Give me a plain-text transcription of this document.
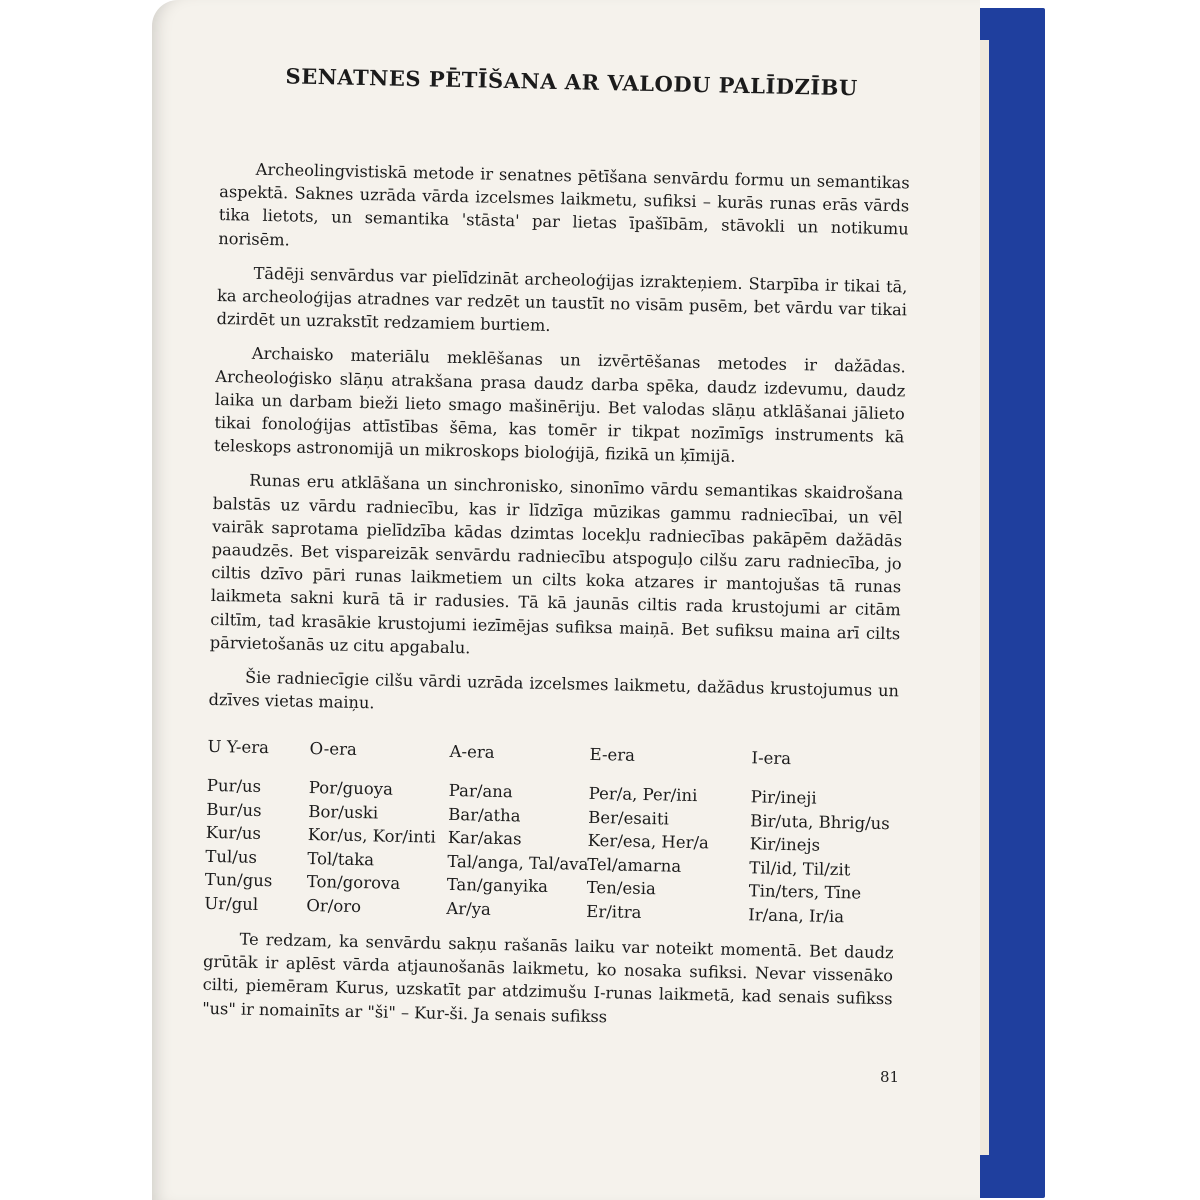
SENATNES PĒTĪŠANA AR VALODU PALĪDZĪBU

Archeolingvistiskā metode ir senatnes pētīšana senvārdu formu un semantikas aspektā. Saknes uzrāda vārda izcelsmes laikmetu, sufiksi – kurās runas erās vārds tika lietots, un semantika 'stāsta' par lietas īpašībām, stāvokli un notikumu norisēm.

Tādēji senvārdus var pielīdzināt archeoloģijas izrakteņiem. Starpība ir tikai tā, ka archeoloģijas atradnes var redzēt un taustīt no visām pusēm, bet vārdu var tikai dzirdēt un uzrakstīt redzamiem burtiem.

Archaisko materiālu meklēšanas un izvērtēšanas metodes ir dažādas. Archeoloģisko slāņu atrakšana prasa daudz darba spēka, daudz izdevumu, daudz laika un darbam bieži lieto smago mašinēriju. Bet valodas slāņu atklāšanai jālieto tikai fonoloģijas attīstības šēma, kas tomēr ir tikpat nozīmīgs instruments kā teleskops astronomijā un mikroskops bioloģijā, fizikā un ķīmijā.

Runas eru atklāšana un sinchronisko, sinonīmo vārdu semantikas skaidrošana balstās uz vārdu radniecību, kas ir līdzīga mūzikas gammu radniecībai, un vēl vairāk saprotama pielīdzība kādas dzimtas locekļu radniecības pakāpēm dažādās paaudzēs. Bet vispareizāk senvārdu radniecību atspoguļo cilšu zaru radniecība, jo ciltis dzīvo pāri runas laikmetiem un cilts koka atzares ir mantojušas tā runas laikmeta sakni kurā tā ir radusies. Tā kā jaunās ciltis rada krustojumi ar citām ciltīm, tad krasākie krustojumi iezīmējas sufiksa maiņā. Bet sufiksu maina arī cilts pārvietošanās uz citu apgabalu.

Šie radniecīgie cilšu vārdi uzrāda izcelsmes laikmetu, dažādus krustojumus un dzīves vietas maiņu.

U Y-era
Pur/us
Bur/us
Kur/us
Tul/us
Tun/gus
Ur/gul
O-era
Por/guoya
Bor/uski
Kor/us, Kor/inti
Tol/taka
Ton/gorova
Or/oro
A-era
Par/ana
Bar/atha
Kar/akas
Tal/anga, Tal/ava
Tan/ganyika
Ar/ya
E-era
Per/a, Per/ini
Ber/esaiti
Ker/esa, Her/a
Tel/amarna
Ten/esia
Er/itra
I-era
Pir/ineji
Bir/uta, Bhrig/us
Kir/inejs
Til/id, Til/zit
Tin/ters, Tīne
Ir/ana, Ir/ia

Te redzam, ka senvārdu sakņu rašanās laiku var noteikt momentā. Bet daudz grūtāk ir aplēst vārda atjaunošanās laikmetu, ko nosaka sufiksi. Nevar vissenāko cilti, piemēram Kurus, uzskatīt par atdzimušu I-runas laikmetā, kad senais sufikss "us" ir nomainīts ar "ši" – Kur-ši. Ja senais sufikss

81
